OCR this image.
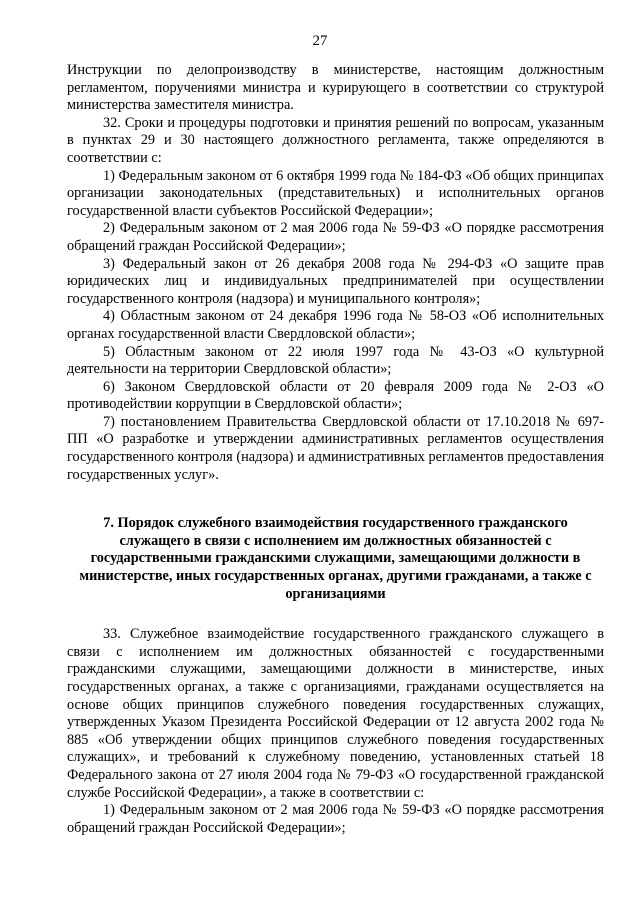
27

Инструкции по делопроизводству в министерстве, настоящим должностным регламентом, поручениями министра и курирующего в соответствии со структурой министерства заместителя министра.

32. Сроки и процедуры подготовки и принятия решений по вопросам, указанным в пунктах 29 и 30 настоящего должностного регламента, также определяются в соответствии с:

1) Федеральным законом от 6 октября 1999 года № 184-ФЗ «Об общих принципах организации законодательных (представительных) и исполнительных органов государственной власти субъектов Российской Федерации»;

2) Федеральным законом от 2 мая 2006 года № 59-ФЗ «О порядке рассмотрения обращений граждан Российской Федерации»;

3) Федеральный закон от 26 декабря 2008 года № 294-ФЗ «О защите прав юридических лиц и индивидуальных предпринимателей при осуществлении государственного контроля (надзора) и муниципального контроля»;

4) Областным законом от 24 декабря 1996 года № 58-ОЗ «Об исполнительных органах государственной власти Свердловской области»;

5) Областным законом от 22 июля 1997 года № 43-ОЗ «О культурной деятельности на территории Свердловской области»;

6) Законом Свердловской области от 20 февраля 2009 года № 2-ОЗ «О противодействии коррупции в Свердловской области»;

7) постановлением Правительства Свердловской области от 17.10.2018 № 697-ПП «О разработке и утверждении административных регламентов осуществления государственного контроля (надзора) и административных регламентов предоставления государственных услуг».

7. Порядок служебного взаимодействия государственного гражданского служащего в связи с исполнением им должностных обязанностей с государственными гражданскими служащими, замещающими должности в министерстве, иных государственных органах, другими гражданами, а также с организациями

33. Служебное взаимодействие государственного гражданского служащего в связи с исполнением им должностных обязанностей с государственными гражданскими служащими, замещающими должности в министерстве, иных государственных органах, а также с организациями, гражданами осуществляется на основе общих принципов служебного поведения государственных служащих, утвержденных Указом Президента Российской Федерации от 12 августа 2002 года № 885 «Об утверждении общих принципов служебного поведения государственных служащих», и требований к служебному поведению, установленных статьей 18 Федерального закона от 27 июля 2004 года № 79-ФЗ «О государственной гражданской службе Российской Федерации», а также в соответствии с:

1) Федеральным законом от 2 мая 2006 года № 59-ФЗ «О порядке рассмотрения обращений граждан Российской Федерации»;
